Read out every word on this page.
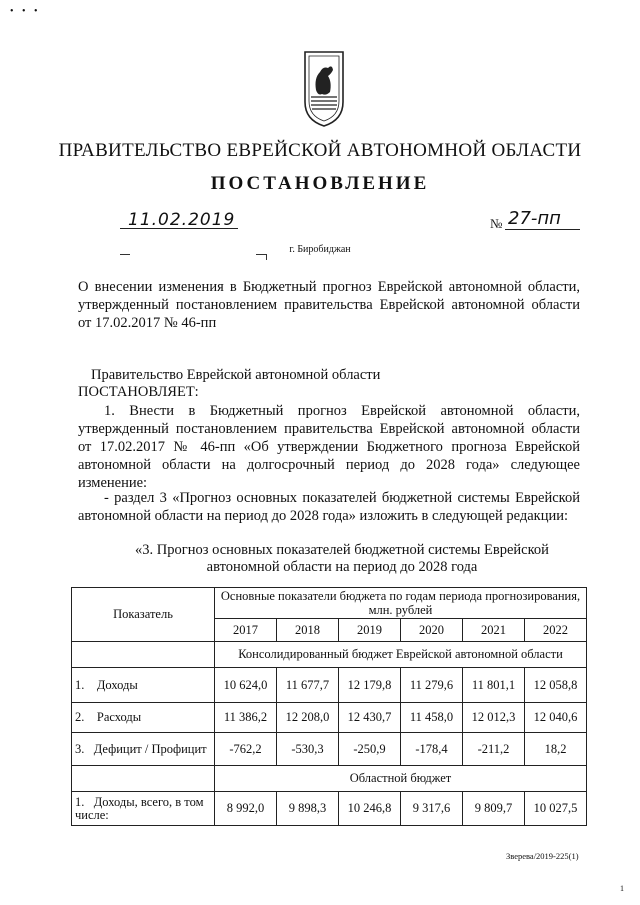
• • •
ПРАВИТЕЛЬСТВО ЕВРЕЙСКОЙ АВТОНОМНОЙ ОБЛАСТИ
ПОСТАНОВЛЕНИЕ
11.02.2019	№ 27-пп
г. Биробиджан
О внесении изменения в Бюджетный прогноз Еврейской автономной области, утвержденный постановлением правительства Еврейской автономной области от 17.02.2017 № 46-пп
Правительство Еврейской автономной области
ПОСТАНОВЛЯЕТ:
1. Внести в Бюджетный прогноз Еврейской автономной области, утвержденный постановлением правительства Еврейской автономной области от 17.02.2017 № 46-пп «Об утверждении Бюджетного прогноза Еврейской автономной области на долгосрочный период до 2028 года» следующее изменение:
- раздел 3 «Прогноз основных показателей бюджетной системы Еврейской автономной области на период до 2028 года» изложить в следующей редакции:
«3. Прогноз основных показателей бюджетной системы Еврейской автономной области на период до 2028 года
Показатель	Основные показатели бюджета по годам периода прогнозирования, млн. рублей					
	2017	2018	2019	2020	2021	2022
	Консолидированный бюджет Еврейской автономной области					
1. Доходы	10 624,0	11 677,7	12 179,8	11 279,6	11 801,1	12 058,8
2. Расходы	11 386,2	12 208,0	12 430,7	11 458,0	12 012,3	12 040,6
3. Дефицит / Профицит	-762,2	-530,3	-250,9	-178,4	-211,2	18,2
	Областной бюджет					
1. Доходы, всего, в том числе:	8 992,0	9 898,3	10 246,8	9 317,6	9 809,7	10 027,5
Зверева/2019-225(1)
1
